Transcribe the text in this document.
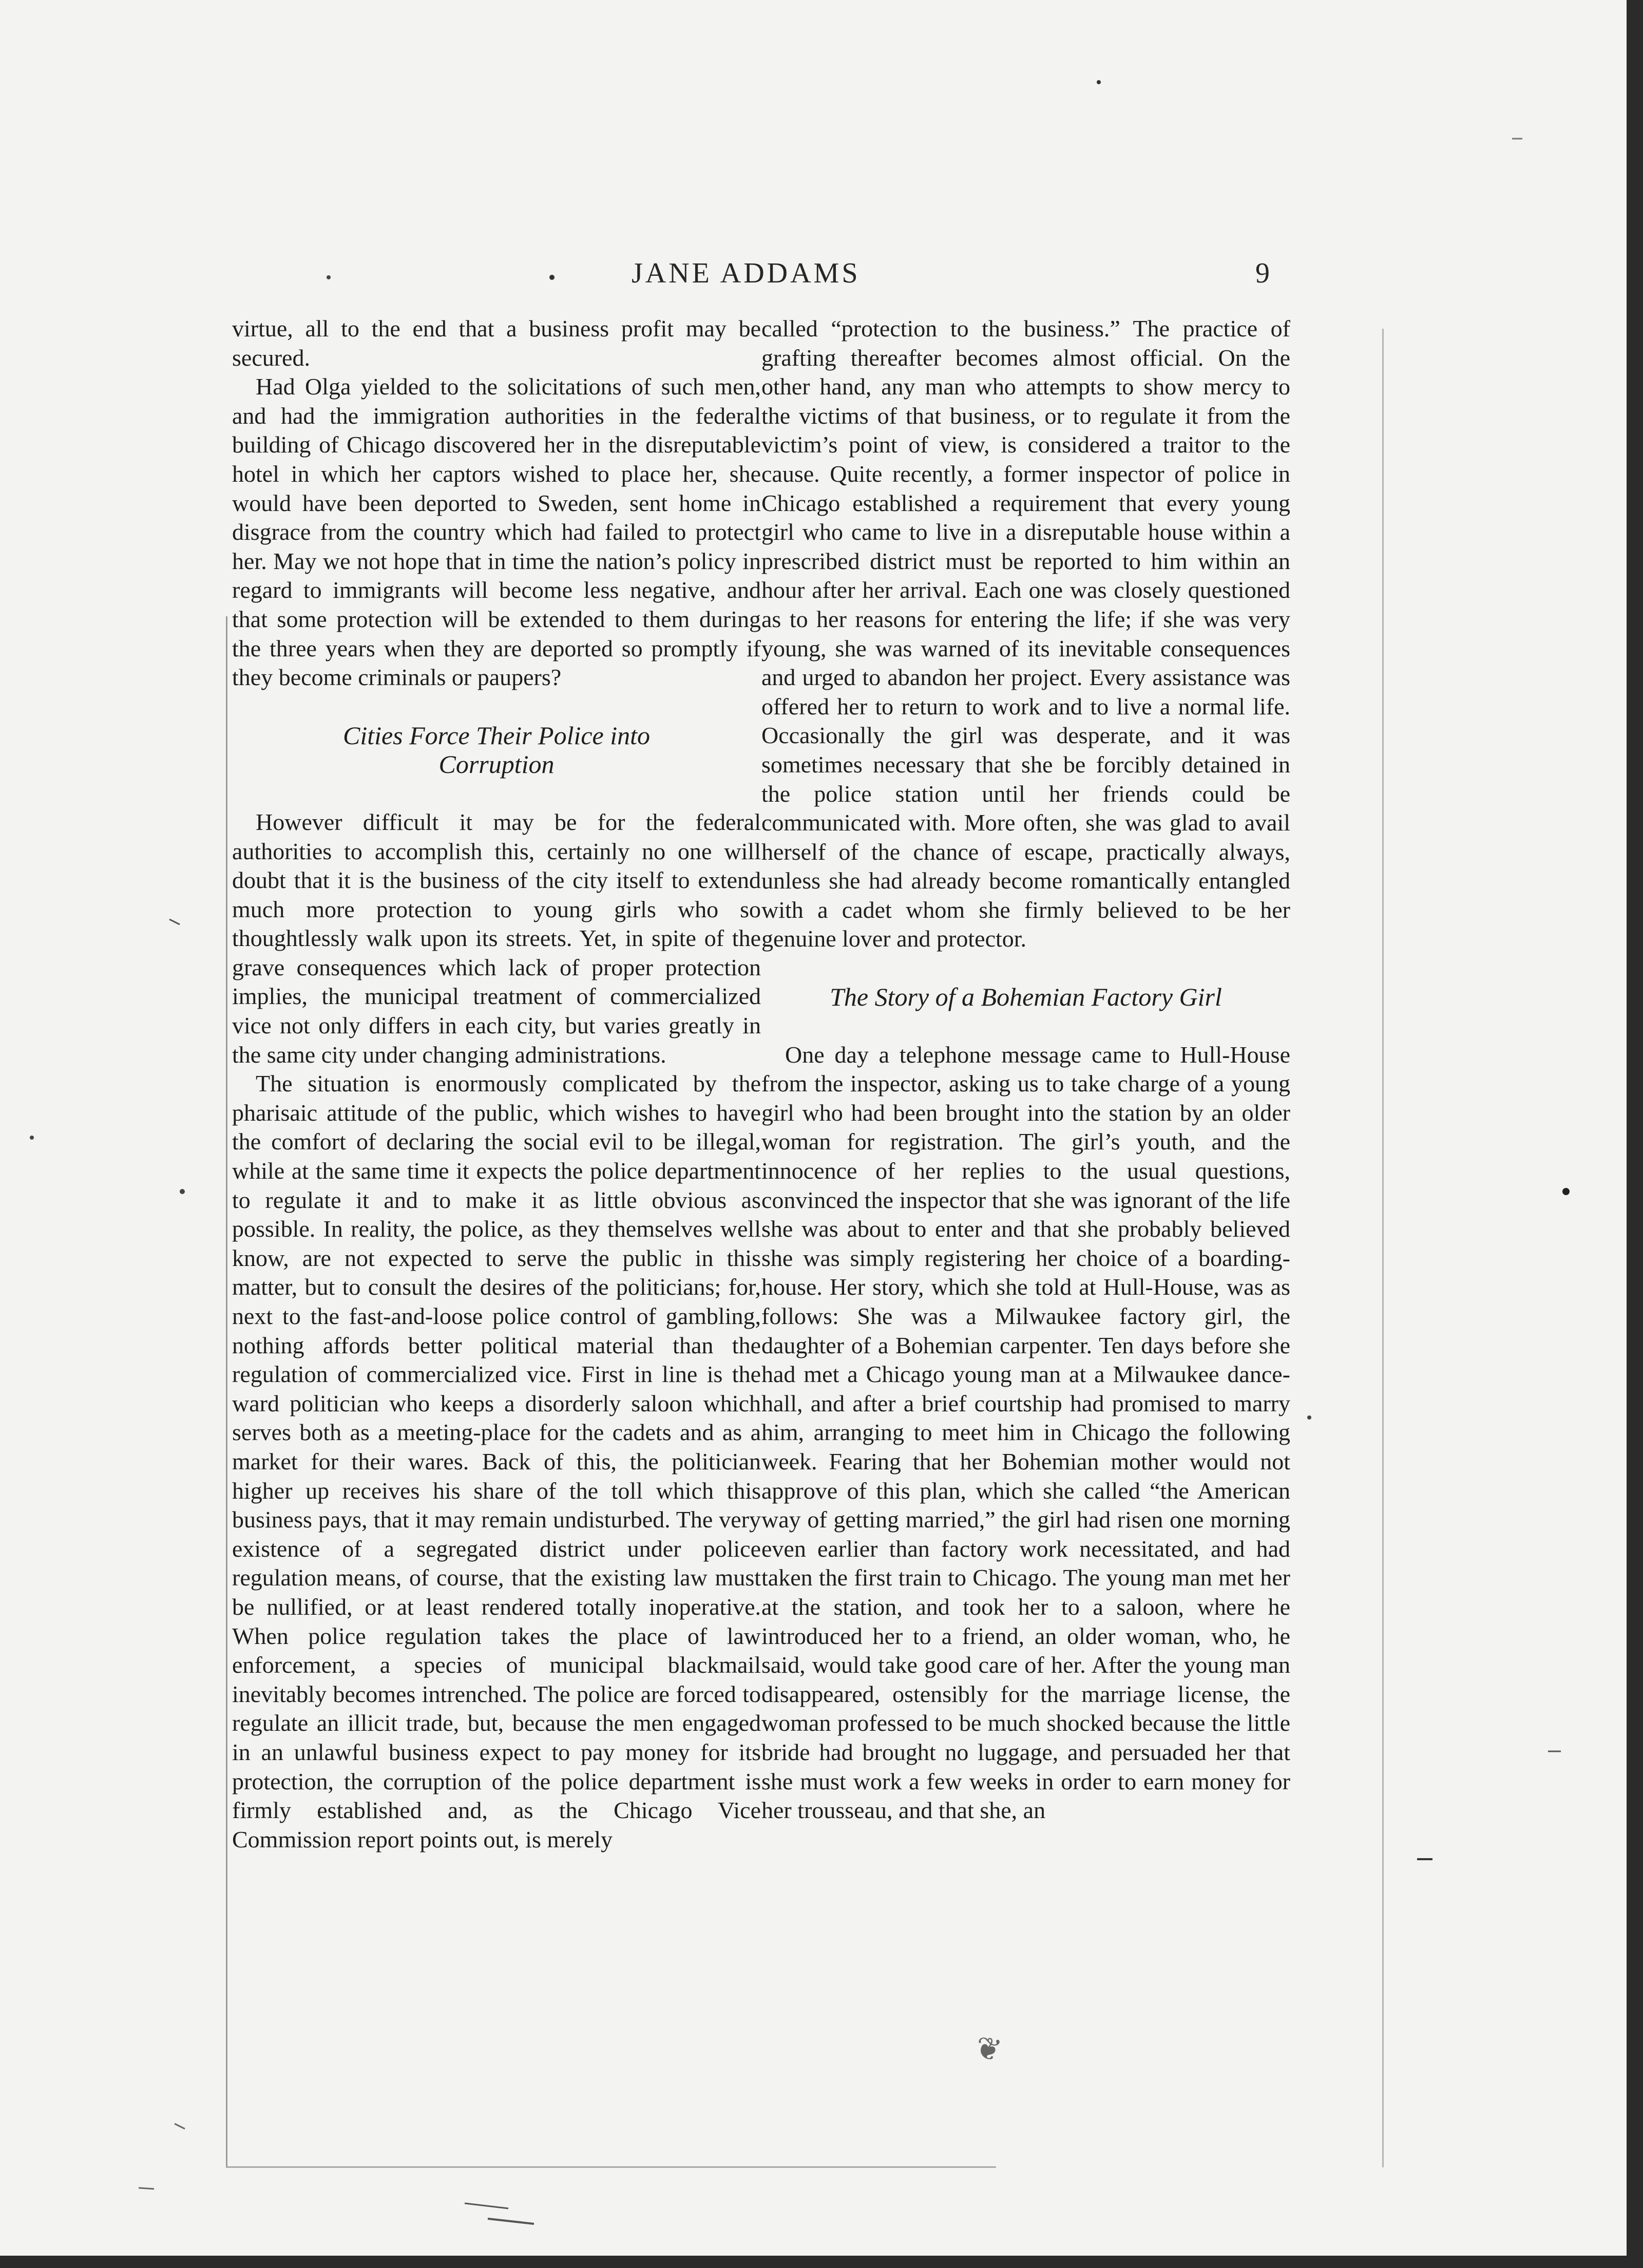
JANE ADDAMS	9

virtue, all to the end that a business profit may be secured.

Had Olga yielded to the solicitations of such men, and had the immigration authorities in the federal building of Chicago discovered her in the disreputable hotel in which her captors wished to place her, she would have been deported to Sweden, sent home in disgrace from the country which had failed to protect her. May we not hope that in time the nation’s policy in regard to immigrants will become less negative, and that some protection will be extended to them during the three years when they are deported so promptly if they become criminals or paupers?

Cities Force Their Police into Corruption

However difficult it may be for the federal authorities to accomplish this, certainly no one will doubt that it is the business of the city itself to extend much more protection to young girls who so thoughtlessly walk upon its streets. Yet, in spite of the grave consequences which lack of proper protection implies, the municipal treatment of commercialized vice not only differs in each city, but varies greatly in the same city under changing administrations.

The situation is enormously complicated by the pharisaic attitude of the public, which wishes to have the comfort of declaring the social evil to be illegal, while at the same time it expects the police department to regulate it and to make it as little obvious as possible. In reality, the police, as they themselves well know, are not expected to serve the public in this matter, but to consult the desires of the politicians; for, next to the fast-and-loose police control of gambling, nothing affords better political material than the regulation of commercialized vice. First in line is the ward politician who keeps a disorderly saloon which serves both as a meeting-place for the cadets and as a market for their wares. Back of this, the politician higher up receives his share of the toll which this business pays, that it may remain undisturbed. The very existence of a segregated district under police regulation means, of course, that the existing law must be nullified, or at least rendered totally inoperative. When police regulation takes the place of law enforcement, a species of municipal blackmail inevitably becomes intrenched. The police are forced to regulate an illicit trade, but, because the men engaged in an unlawful business expect to pay money for its protection, the corruption of the police department is firmly established and, as the Chicago Vice Commission report points out, is merely

called “protection to the business.” The practice of grafting thereafter becomes almost official. On the other hand, any man who attempts to show mercy to the victims of that business, or to regulate it from the victim’s point of view, is considered a traitor to the cause. Quite recently, a former inspector of police in Chicago established a requirement that every young girl who came to live in a disreputable house within a prescribed district must be reported to him within an hour after her arrival. Each one was closely questioned as to her reasons for entering the life; if she was very young, she was warned of its inevitable consequences and urged to abandon her project. Every assistance was offered her to return to work and to live a normal life. Occasionally the girl was desperate, and it was sometimes necessary that she be forcibly detained in the police station until her friends could be communicated with. More often, she was glad to avail herself of the chance of escape, practically always, unless she had already become romantically entangled with a cadet whom she firmly believed to be her genuine lover and protector.

The Story of a Bohemian Factory Girl

One day a telephone message came to Hull-House from the inspector, asking us to take charge of a young girl who had been brought into the station by an older woman for registration. The girl’s youth, and the innocence of her replies to the usual questions, convinced the inspector that she was ignorant of the life she was about to enter and that she probably believed she was simply registering her choice of a boarding-house. Her story, which she told at Hull-House, was as follows: She was a Milwaukee factory girl, the daughter of a Bohemian carpenter. Ten days before she had met a Chicago young man at a Milwaukee dance-hall, and after a brief courtship had promised to marry him, arranging to meet him in Chicago the following week. Fearing that her Bohemian mother would not approve of this plan, which she called “the American way of getting married,” the girl had risen one morning even earlier than factory work necessitated, and had taken the first train to Chicago. The young man met her at the station, and took her to a saloon, where he introduced her to a friend, an older woman, who, he said, would take good care of her. After the young man disappeared, ostensibly for the marriage license, the woman professed to be much shocked because the little bride had brought no luggage, and persuaded her that she must work a few weeks in order to earn money for her trousseau, and that she, an

❦
